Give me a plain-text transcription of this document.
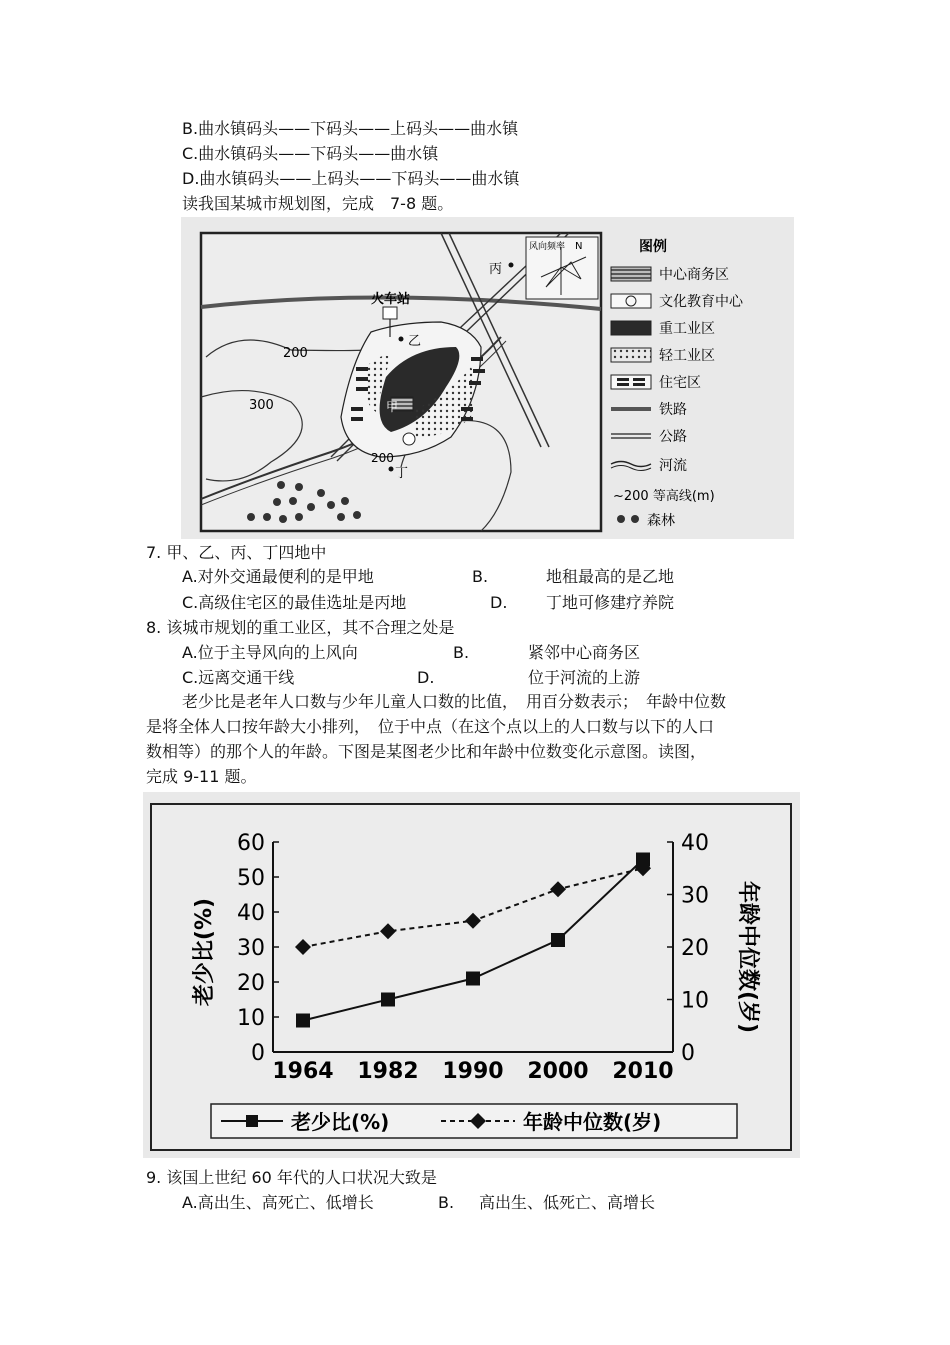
B.曲水镇码头——下码头——上码头——曲水镇
C.曲水镇码头——下码头——曲水镇
D.曲水镇码头——上码头——下码头——曲水镇
读我国某城市规划图，完成　7-8 题。
火车站
乙
丙
甲
丁
200
300
200
风向频率 N	图例
中心商务区
文化教育中心
重工业区
轻工业区
住宅区
铁路
公路
河流
~200 等高线(m)
森林
7. 甲、乙、丙、丁四地中
A.对外交通最便利的是甲地	B.	地租最高的是乙地
C.高级住宅区的最佳选址是丙地	D. 丁地可修建疗养院
8. 该城市规划的重工业区，其不合理之处是
A.位于主导风向的上风向	B.	紧邻中心商务区
C.远离交通干线	D.	位于河流的上游
老少比是老年人口数与少年儿童人口数的比值，　用百分数表示；　年龄中位数
是将全体人口按年龄大小排列，　位于中点（在这个点以上的人口数与以下的人口
数相等）的那个人的年龄。下图是某图老少比和年龄中位数变化示意图。读图，
完成 9-11 题。
0
10
20
30
40
50
60
0
10
20
30
40
1964 1982 1990 2000 2010
老少比(%)	年龄中位数(岁)
老少比(%)	年龄中位数(岁)
9. 该国上世纪 60 年代的人口状况大致是
A.高出生、高死亡、低增长	B. 高出生、低死亡、高增长
